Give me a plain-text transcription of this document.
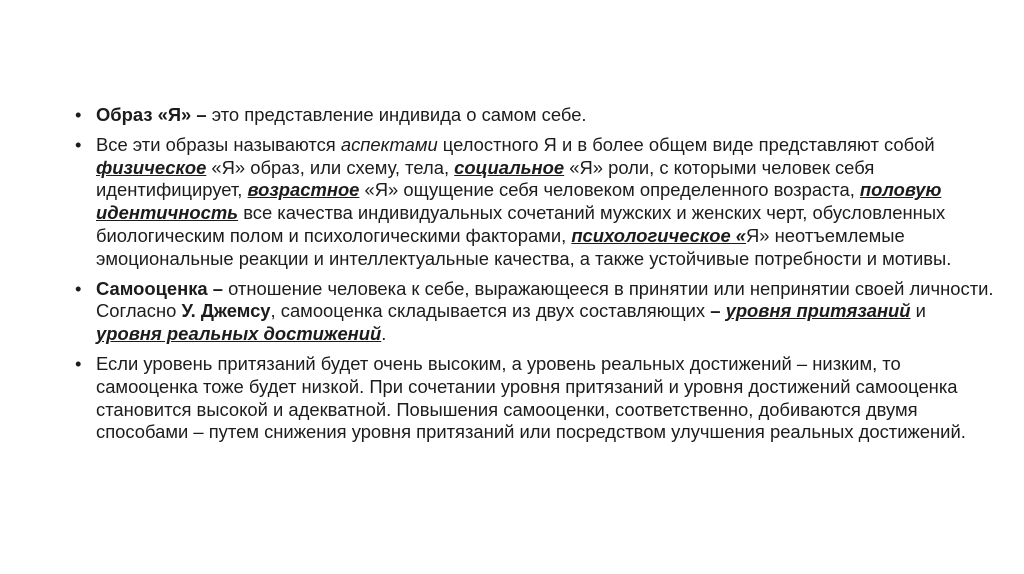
• Образ «Я» – это представление индивида о самом себе.
• Все эти образы называются аспектами целостного Я и в более общем виде представляют собой физическое «Я» образ, или схему, тела, социальное «Я» роли, с которыми человек себя идентифицирует, возрастное «Я» ощущение себя человеком определенного возраста, половую идентичность все качества индивидуальных сочетаний мужских и женских черт, обусловленных биологическим полом и психологическими факторами, психологическое «Я» неотъемлемые эмоциональные реакции и интеллектуальные качества, а также устойчивые потребности и мотивы.
• Самооценка – отношение человека к себе, выражающееся в принятии или непринятии своей личности. Согласно У. Джемсу, самооценка складывается из двух составляющих – уровня притязаний и уровня реальных достижений.
• Если уровень притязаний будет очень высоким, а уровень реальных достижений – низким, то самооценка тоже будет низкой. При сочетании уровня притязаний и уровня достижений самооценка становится высокой и адекватной. Повышения самооценки, соответственно, добиваются двумя способами – путем снижения уровня притязаний или посредством улучшения реальных достижений.
